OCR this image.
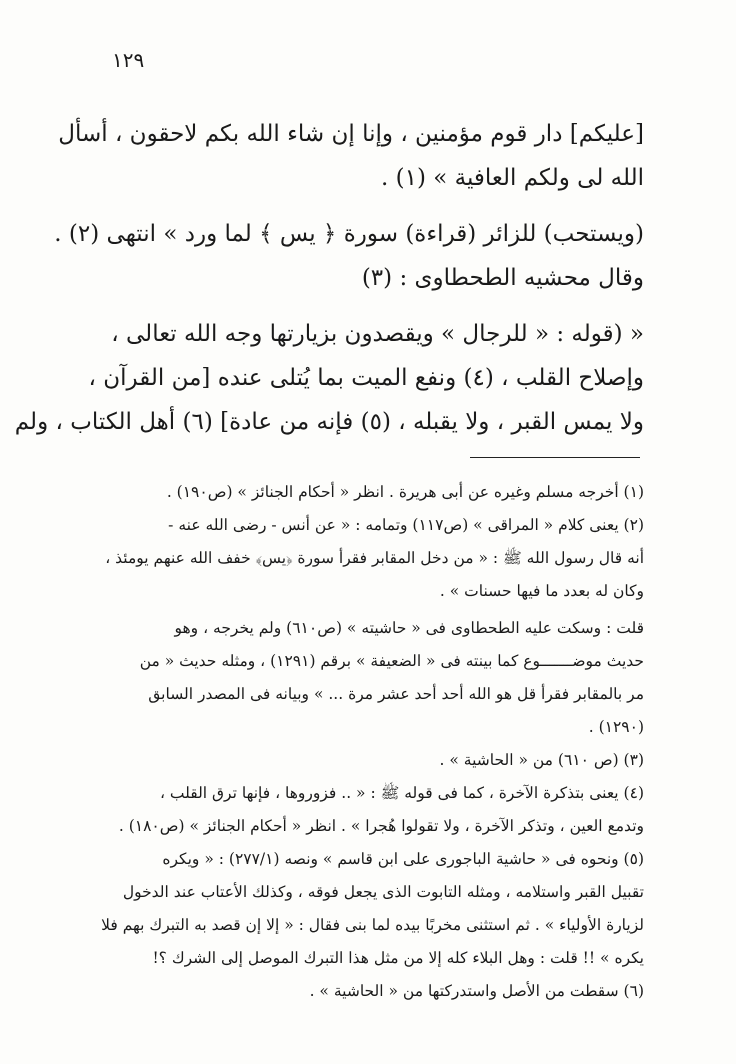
١٢٩
[عليكم] دار قوم مؤمنين ، وإنا إن شاء الله بكم لاحقون ، أسأل
الله لى ولكم العافية » (١) .
(ويستحب) للزائر (قراءة) سورة ﴿ يس ﴾ لما ورد » انتهى (٢) .
وقال محشيه الطحطاوى : (٣)
« (قوله : « للرجال » ويقصدون بزيارتها وجه الله تعالى ،
وإصلاح القلب ، (٤) ونفع الميت بما يُتلى عنده [من القرآن ،
ولا يمس القبر ، ولا يقبله ، (٥) فإنه من عادة] (٦) أهل الكتاب ، ولم
(١) أخرجه مسلم وغيره عن أبى هريرة . انظر « أحكام الجنائز » (ص١٩٠) .
(٢) يعنى كلام « المراقى » (ص١١٧) وتمامه : « عن أنس - رضى الله عنه -
أنه قال رسول الله ﷺ : « من دخل المقابر فقرأ سورة ﴿يس﴾ خفف الله عنهم يومئذ ،
وكان له بعدد ما فيها حسنات » .
قلت : وسكت عليه الطحطاوى فى « حاشيته » (ص٦١٠) ولم يخرجه ، وهو
حديث موضـــــــوع كما بينته فى « الضعيفة » برقم (١٢٩١) ، ومثله حديث « من
مر بالمقابر فقرأ قل هو الله أحد أحد عشر مرة ... » وبيانه فى المصدر السابق
(١٢٩٠) .
(٣) (ص ٦١٠) من « الحاشية » .
(٤) يعنى بتذكرة الآخرة ، كما فى قوله ﷺ : « .. فزوروها ، فإنها ترق القلب ،
وتدمع العين ، وتذكر الآخرة ، ولا تقولوا هُجرا » . انظر « أحكام الجنائز » (ص١٨٠) .
(٥) ونحوه فى « حاشية الباجورى على ابن قاسم » ونصه (٢٧٧/١) : « ويكره
تقبيل القبر واستلامه ، ومثله التابوت الذى يجعل فوقه ، وكذلك الأعتاب عند الدخول
لزيارة الأولياء » . ثم استثنى مخربًا بيده لما بنى فقال : « إلا إن قصد به التبرك بهم فلا
يكره » !! قلت : وهل البلاء كله إلا من مثل هذا التبرك الموصل إلى الشرك ؟!
(٦) سقطت من الأصل واستدركتها من « الحاشية » .
